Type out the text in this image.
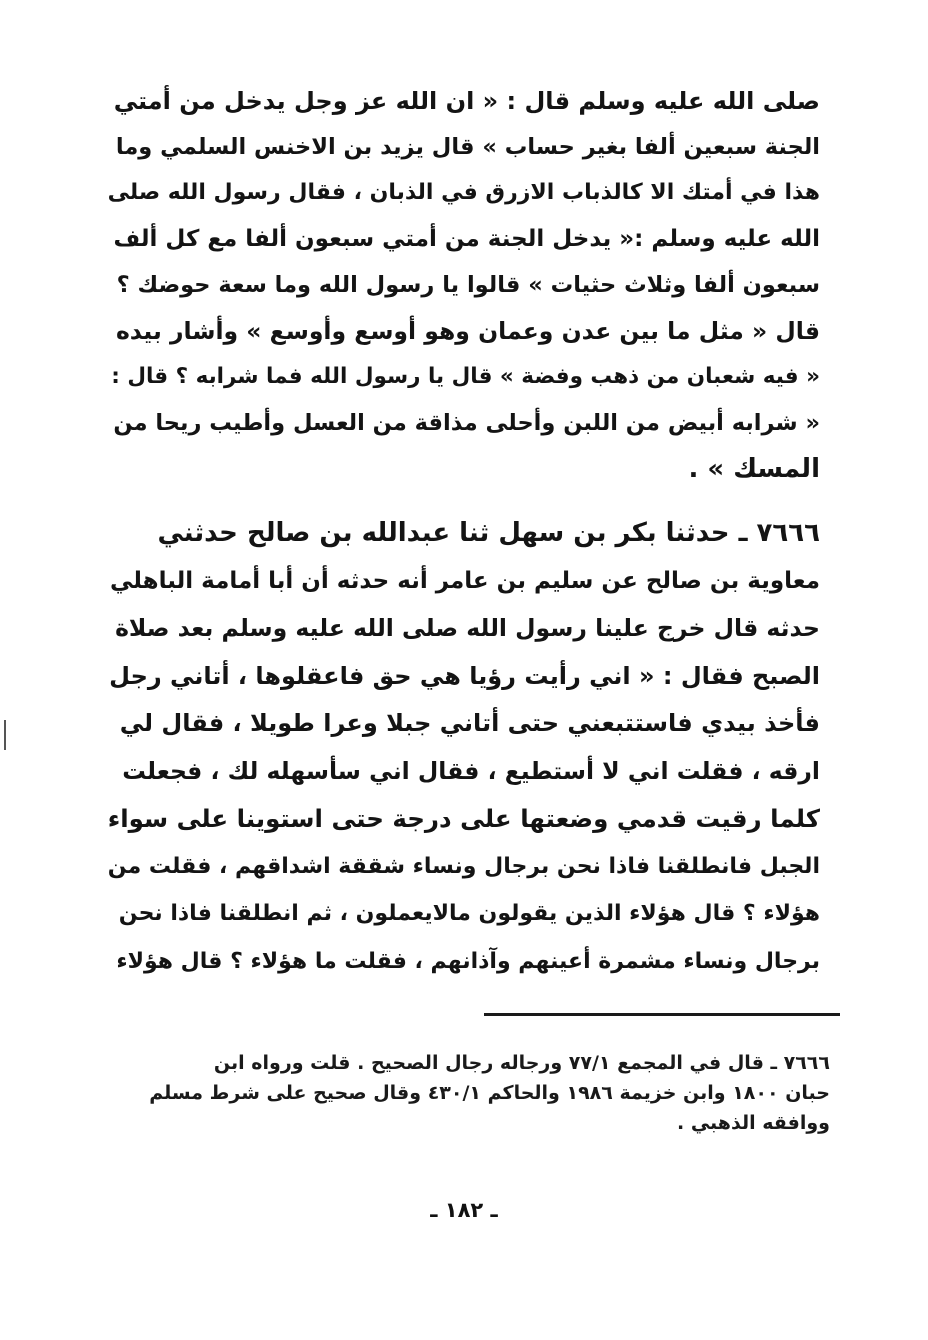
صلى الله عليه وسلم قال : « ان الله عز وجل يدخل من أمتي
الجنة سبعين ألفا بغير حساب » قال يزيد بن الاخنس السلمي وما
هذا في أمتك الا كالذباب الازرق في الذبان ، فقال رسول الله صلى
الله عليه وسلم :« يدخل الجنة من أمتي سبعون ألفا مع كل ألف
سبعون ألفا وثلاث حثيات » قالوا يا رسول الله وما سعة حوضك ؟
قال « مثل ما بين عدن وعمان وهو أوسع وأوسع » وأشار بيده
« فيه شعبان من ذهب وفضة » قال يا رسول الله فما شرابه ؟ قال :
« شرابه أبيض من اللبن وأحلى مذاقة من العسل وأطيب ريحا من
المسك » .
٧٦٦٦ ـ حدثنا بكر بن سهل ثنا عبدالله بن صالح حدثني
معاوية بن صالح عن سليم بن عامر أنه حدثه أن أبا أمامة الباهلي
حدثه قال خرج علينا رسول الله صلى الله عليه وسلم بعد صلاة
الصبح فقال : « اني رأيت رؤيا هي حق فاعقلوها ، أتاني رجل
فأخذ بيدي فاستتبعني حتى أتاني جبلا وعرا طويلا ، فقال لي
ارقه ، فقلت اني لا أستطيع ، فقال اني سأسهله لك ، فجعلت
كلما رقيت قدمي وضعتها على درجة حتى استوينا على سواء
الجبل فانطلقنا فاذا نحن برجال ونساء شققة اشداقهم ، فقلت من
هؤلاء ؟ قال هؤلاء الذين يقولون مالايعملون ، ثم انطلقنا فاذا نحن
برجال ونساء مشمرة أعينهم وآذانهم ، فقلت ما هؤلاء ؟ قال هؤلاء
٧٦٦٦ ـ قال في المجمع ٧٧/١ ورجاله رجال الصحيح . قلت ورواه ابن
حبان ١٨٠٠ وابن خزيمة ١٩٨٦ والحاكم ٤٣٠/١ وقال صحيح على شرط مسلم
ووافقه الذهبي .
ـ ١٨٢ ـ
